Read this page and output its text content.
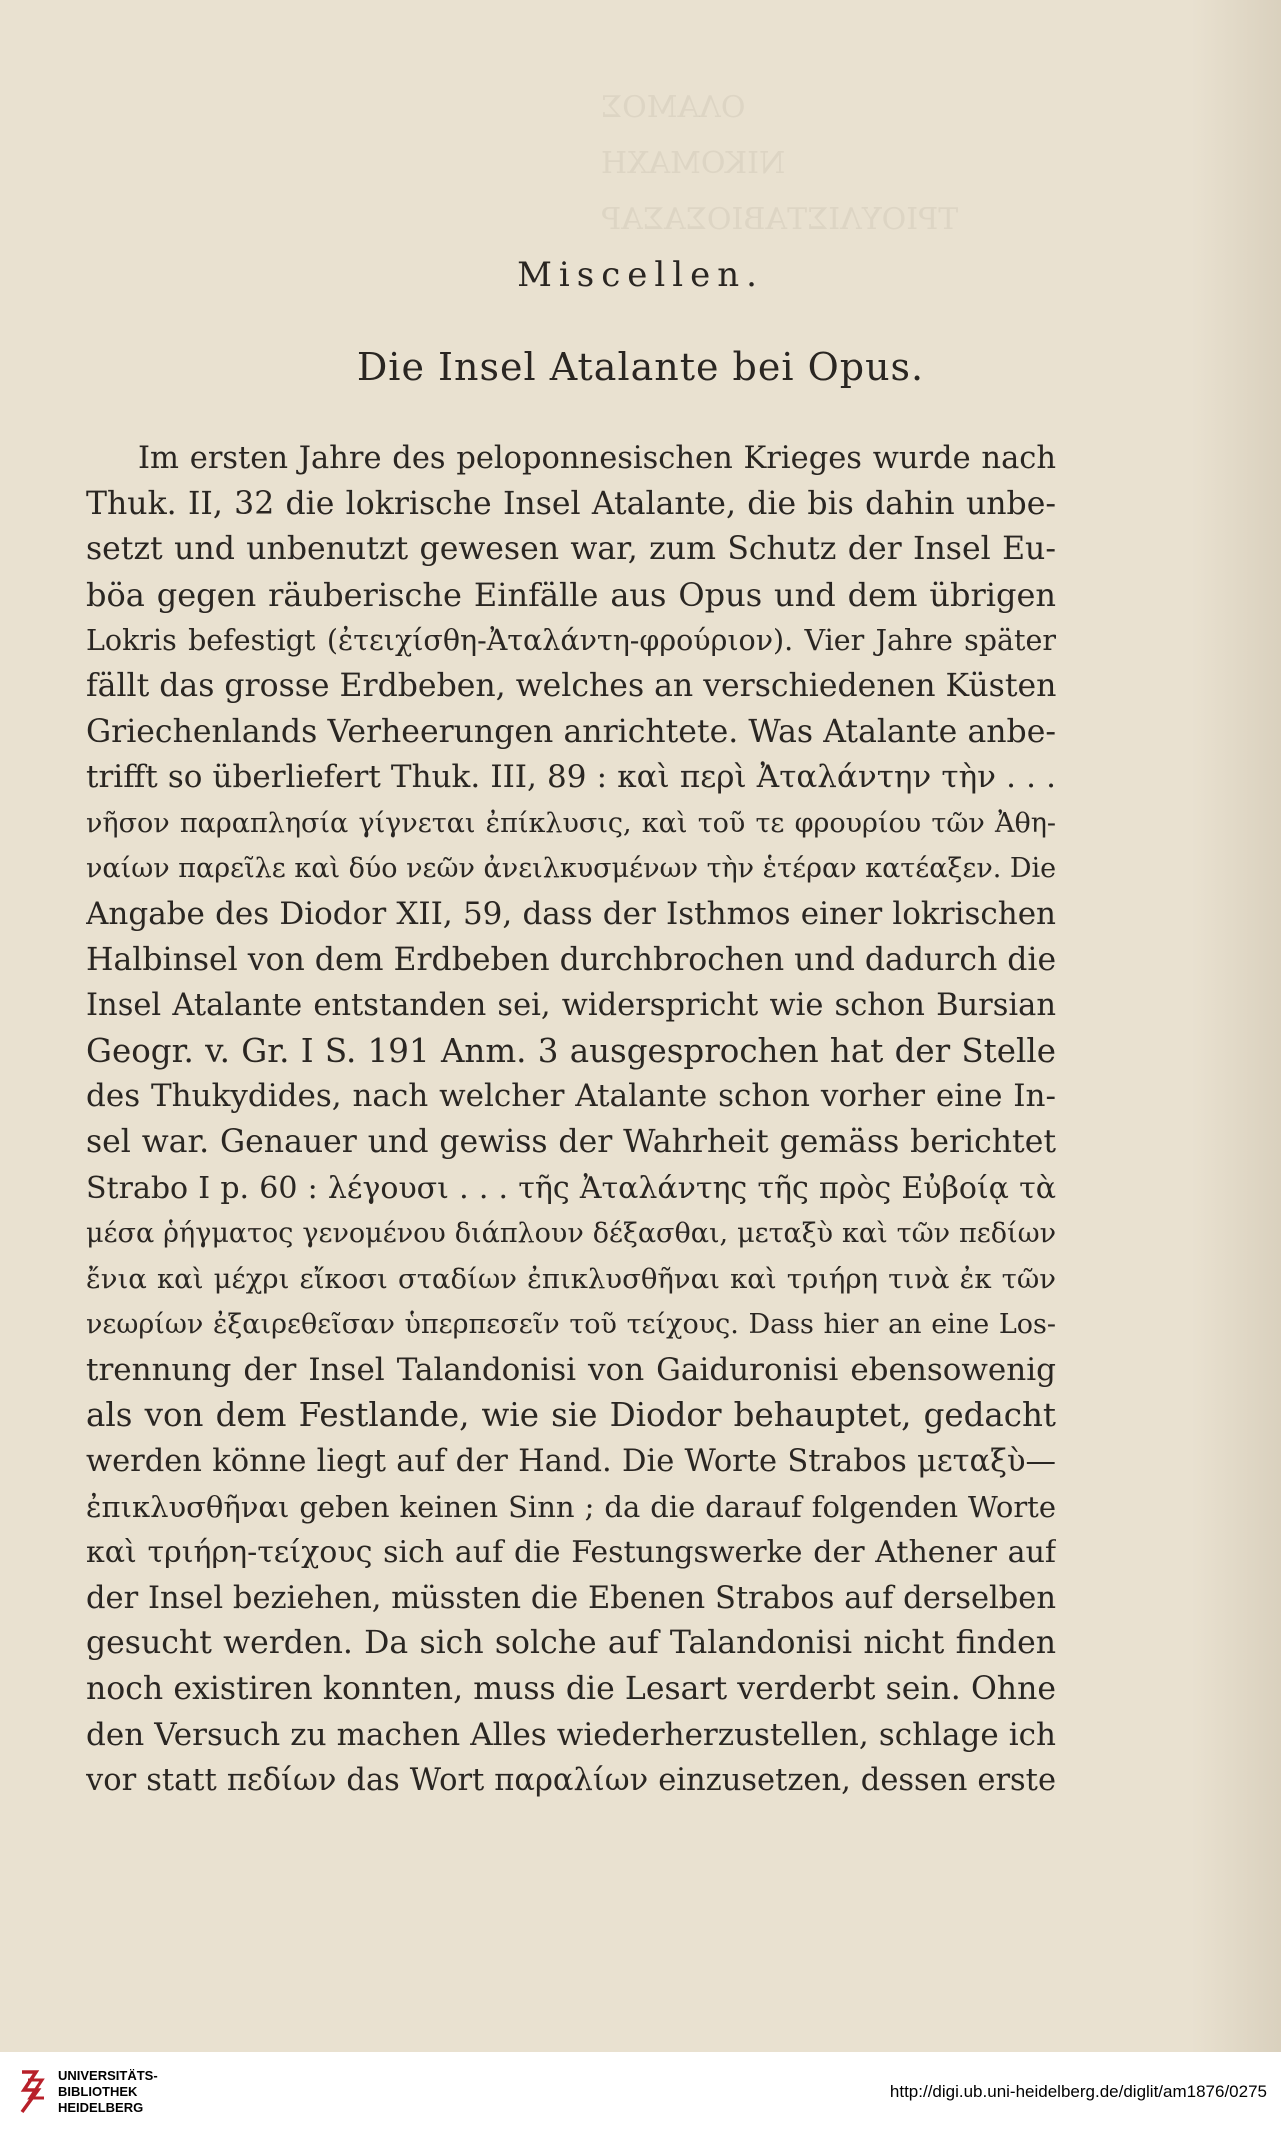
ΟΛΑΜΟΣ
NIKOMAXH
ΤΡΙΟΥΛΙΣΤΑΒΙΟΣΑΣΑΡ
Miscellen.
Die Insel Atalante bei Opus.
Im ersten Jahre des peloponnesischen Krieges wurde nach
Thuk. II, 32 die lokrische Insel Atalante, die bis dahin unbe-
setzt und unbenutzt gewesen war, zum Schutz der Insel Eu-
böa gegen räuberische Einfälle aus Opus und dem übrigen
Lokris befestigt (ἐτειχίσθη-Ἀταλάντη-φρούριον). Vier Jahre später
fällt das grosse Erdbeben, welches an verschiedenen Küsten
Griechenlands Verheerungen anrichtete. Was Atalante anbe-
trifft so überliefert Thuk. III, 89 : καὶ περὶ Ἀταλάντην τὴν . . .
νῆσον παραπλησία γίγνεται ἐπίκλυσις, καὶ τοῦ τε φρουρίου τῶν Ἀθη-
ναίων παρεῖλε καὶ δύο νεῶν ἀνειλκυσμένων τὴν ἑτέραν κατέαξεν. Die
Angabe des Diodor XII, 59, dass der Isthmos einer lokrischen
Halbinsel von dem Erdbeben durchbrochen und dadurch die
Insel Atalante entstanden sei, widerspricht wie schon Bursian
Geogr. v. Gr. I S. 191 Anm. 3 ausgesprochen hat der Stelle
des Thukydides, nach welcher Atalante schon vorher eine In-
sel war. Genauer und gewiss der Wahrheit gemäss berichtet
Strabo I p. 60 : λέγουσι . . . τῆς Ἀταλάντης τῆς πρὸς Εὐβοίᾳ τὰ
μέσα ῥήγματος γενομένου διάπλουν δέξασθαι, μεταξὺ καὶ τῶν πεδίων
ἔνια καὶ μέχρι εἴκοσι σταδίων ἐπικλυσθῆναι καὶ τριήρη τινὰ ἐκ τῶν
νεωρίων ἐξαιρεθεῖσαν ὑπερπεσεῖν τοῦ τείχους. Dass hier an eine Los-
trennung der Insel Talandonisi von Gaiduronisi ebensowenig
als von dem Festlande, wie sie Diodor behauptet, gedacht
werden könne liegt auf der Hand. Die Worte Strabos μεταξὺ—
ἐπικλυσθῆναι geben keinen Sinn ; da die darauf folgenden Worte
καὶ τριήρη-τείχους sich auf die Festungswerke der Athener auf
der Insel beziehen, müssten die Ebenen Strabos auf derselben
gesucht werden. Da sich solche auf Talandonisi nicht finden
noch existiren konnten, muss die Lesart verderbt sein. Ohne
den Versuch zu machen Alles wiederherzustellen, schlage ich
vor statt πεδίων das Wort παραλίων einzusetzen, dessen erste
UNIVERSITÄTS-
BIBLIOTHEK
HEIDELBERG
http://digi.ub.uni-heidelberg.de/diglit/am1876/0275
